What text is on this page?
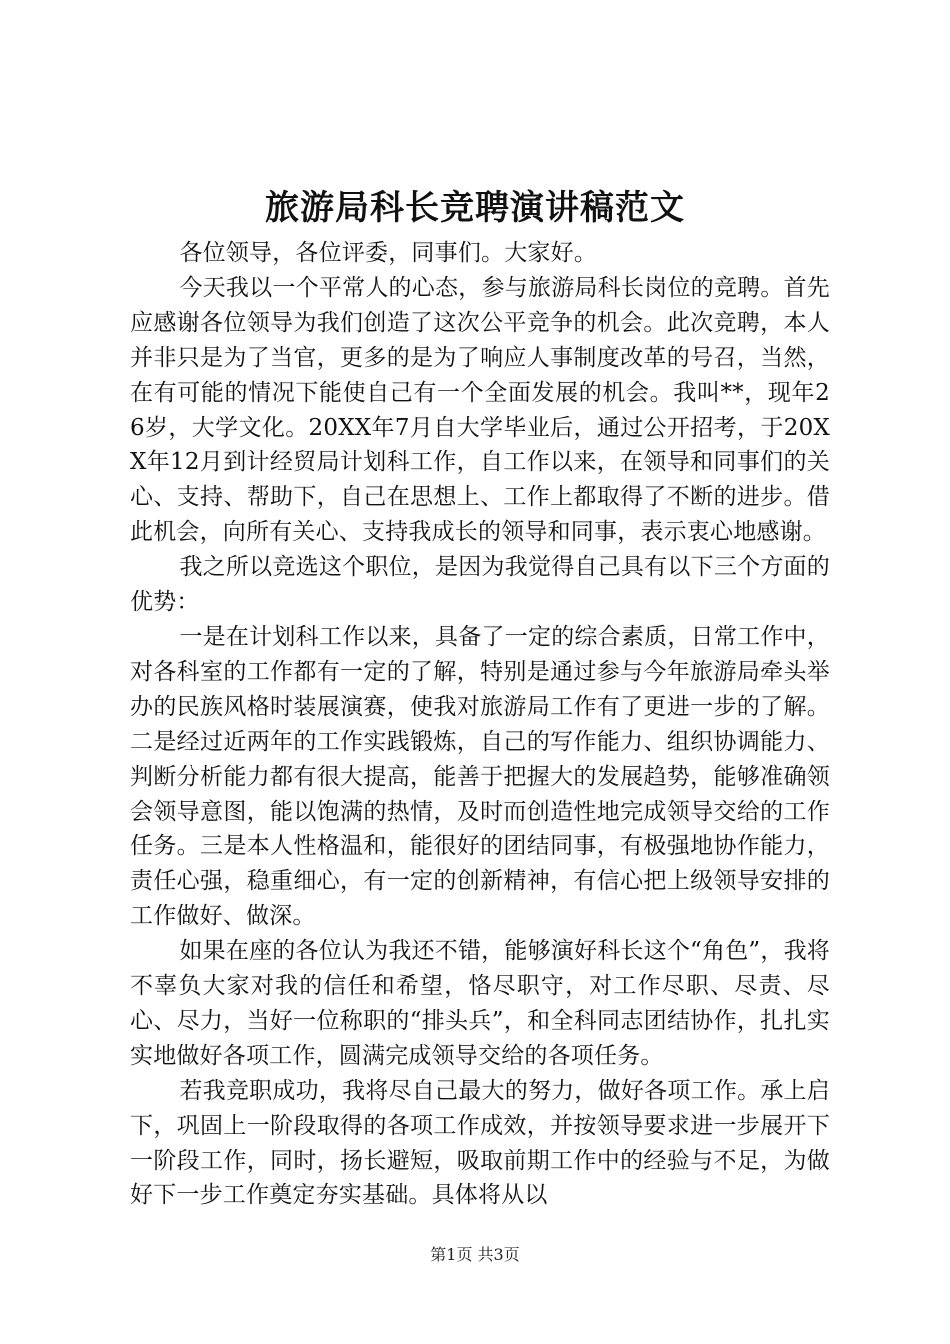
旅游局科长竞聘演讲稿范文

各位领导，各位评委，同事们。大家好。

今天我以一个平常人的心态，参与旅游局科长岗位的竞聘。首先应感谢各位领导为我们创造了这次公平竞争的机会。此次竞聘，本人并非只是为了当官，更多的是为了响应人事制度改革的号召，当然，在有可能的情况下能使自己有一个全面发展的机会。我叫**，现年26岁，大学文化。20XX年7月自大学毕业后，通过公开招考，于20XX年12月到计经贸局计划科工作，自工作以来，在领导和同事们的关心、支持、帮助下，自己在思想上、工作上都取得了不断的进步。借此机会，向所有关心、支持我成长的领导和同事，表示衷心地感谢。

我之所以竞选这个职位，是因为我觉得自己具有以下三个方面的优势：

一是在计划科工作以来，具备了一定的综合素质，日常工作中，对各科室的工作都有一定的了解，特别是通过参与今年旅游局牵头举办的民族风格时装展演赛，使我对旅游局工作有了更进一步的了解。二是经过近两年的工作实践锻炼，自己的写作能力、组织协调能力、判断分析能力都有很大提高，能善于把握大的发展趋势，能够准确领会领导意图，能以饱满的热情，及时而创造性地完成领导交给的工作任务。三是本人性格温和，能很好的团结同事，有极强地协作能力，责任心强，稳重细心，有一定的创新精神，有信心把上级领导安排的工作做好、做深。

如果在座的各位认为我还不错，能够演好科长这个“角色”，我将不辜负大家对我的信任和希望，恪尽职守，对工作尽职、尽责、尽心、尽力，当好一位称职的“排头兵”，和全科同志团结协作，扎扎实实地做好各项工作，圆满完成领导交给的各项任务。

若我竞职成功，我将尽自己最大的努力，做好各项工作。承上启下，巩固上一阶段取得的各项工作成效，并按领导要求进一步展开下一阶段工作，同时，扬长避短，吸取前期工作中的经验与不足，为做好下一步工作奠定夯实基础。具体将从以

第1页 共3页
